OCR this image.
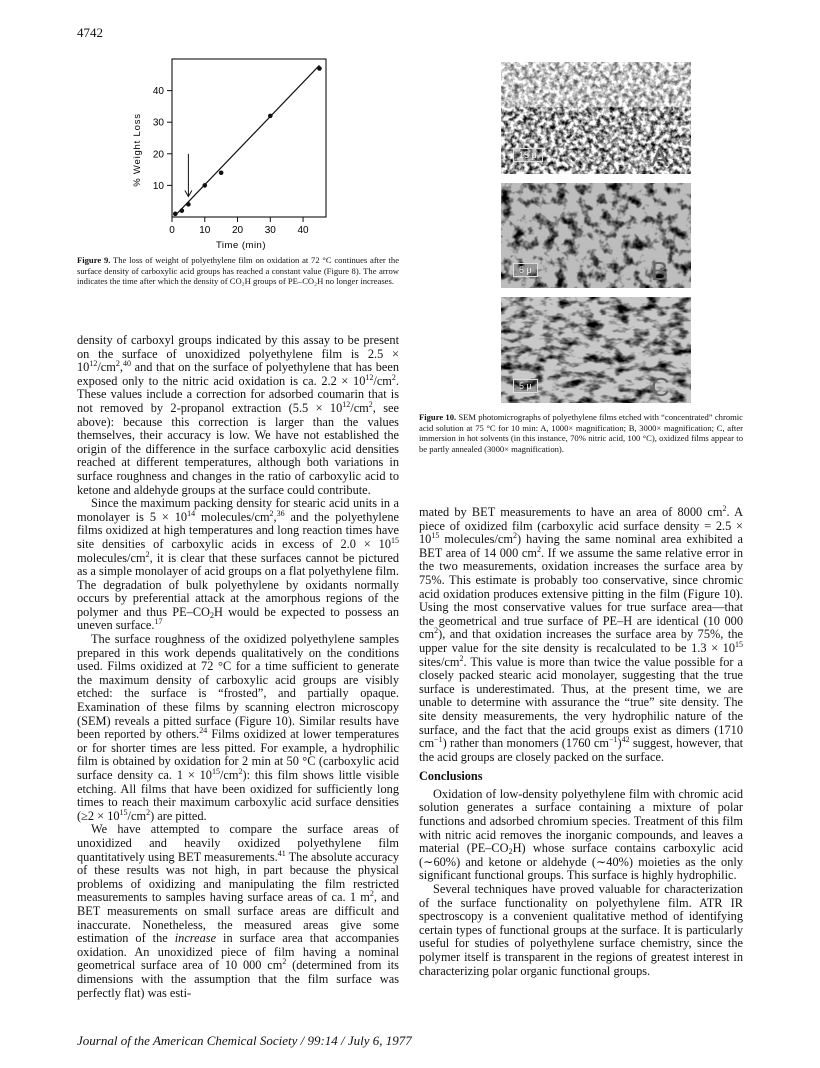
4742
0 10 20 30 40
10
20
30
40
Time (min)
% Weight Loss
Figure 9. The loss of weight of polyethylene film on oxidation at 72 °C continues after the surface density of carboxylic acid groups has reached a constant value (Figure 8). The arrow indicates the time after which the density of CO₂H groups of PE–CO₂H no longer increases.

density of carboxyl groups indicated by this assay to be present on the surface of unoxidized polyethylene film is $2.5 \times 10^{12}/cm^2,^{40}$ and that on the surface of polyethylene that has been exposed only to the nitric acid oxidation is ca. $2.2 \times 10^{12}/cm^2$. These values include a correction for adsorbed coumarin that is not removed by 2-propanol extraction ($5.5 \times 10^{12}/cm^2$, see above): because this correction is larger than the values themselves, their accuracy is low. We have not established the origin of the difference in the surface carboxylic acid densities reached at different temperatures, although both variations in surface roughness and changes in the ratio of carboxylic acid to ketone and aldehyde groups at the surface could contribute.

Since the maximum packing density for stearic acid units in a monolayer is $5 \times 10^{14}$ molecules/$cm^2,^{36}$ and the polyethylene films oxidized at high temperatures and long reaction times have site densities of carboxylic acids in excess of $2.0 \times 10^{15}$ molecules/$cm^2$, it is clear that these surfaces cannot be pictured as a simple monolayer of acid groups on a flat polyethylene film. The degradation of bulk polyethylene by oxidants normally occurs by preferential attack at the amorphous regions of the polymer and thus $PE-CO_2H$ would be expected to possess an uneven surface.$^{17}$

The surface roughness of the oxidized polyethylene samples prepared in this work depends qualitatively on the conditions used. Films oxidized at 72 °C for a time sufficient to generate the maximum density of carboxylic acid groups are visibly etched: the surface is “frosted”, and partially opaque. Examination of these films by scanning electron microscopy (SEM) reveals a pitted surface (Figure 10). Similar results have been reported by others.$^{24}$ Films oxidized at lower temperatures or for shorter times are less pitted. For example, a hydrophilic film is obtained by oxidation for 2 min at 50 °C (carboxylic acid surface density ca. $1 \times 10^{15}/cm^2$): this film shows little visible etching. All films that have been oxidized for sufficiently long times to reach their maximum carboxylic acid surface densities $(\ge 2 \times 10^{15}/cm^2)$ are pitted.

We have attempted to compare the surface areas of unoxidized and heavily oxidized polyethylene film quantitatively using BET measurements.$^{41}$ The absolute accuracy of these results was not high, in part because the physical problems of oxidizing and manipulating the film restricted measurements to samples having surface areas of ca. 1 $m^2$, and BET measurements on small surface areas are difficult and inaccurate. Nonetheless, the measured areas give some estimation of the increase in surface area that accompanies oxidation. An unoxidized piece of film having a nominal geometrical surface area of 10 000 $cm^2$ (determined from its dimensions with the assumption that the film surface was perfectly flat) was esti-

15 μ	A
5 μ	B
5 μ	C
Figure 10. SEM photomicrographs of polyethylene films etched with “concentrated” chromic acid solution at 75 °C for 10 min: A, 1000× magnification; B, 3000× magnification; C, after immersion in hot solvents (in this instance, 70% nitric acid, 100 °C), oxidized films appear to be partly annealed (3000× magnification).

mated by BET measurements to have an area of 8000 $cm^2$. A piece of oxidized film (carboxylic acid surface density = $2.5 \times 10^{15}$ molecules/$cm^2$) having the same nominal area exhibited a BET area of 14 000 $cm^2$. If we assume the same relative error in the two measurements, oxidation increases the surface area by 75%. This estimate is probably too conservative, since chromic acid oxidation produces extensive pitting in the film (Figure 10). Using the most conservative values for true surface area—that the geometrical and true surface of PE–H are identical (10 000 $cm^2$), and that oxidation increases the surface area by 75%, the upper value for the site density is recalculated to be $1.3 \times 10^{15}$ sites/$cm^2$. This value is more than twice the value possible for a closely packed stearic acid monolayer, suggesting that the true surface is underestimated. Thus, at the present time, we are unable to determine with assurance the “true” site density. The site density measurements, the very hydrophilic nature of the surface, and the fact that the acid groups exist as dimers (1710 $cm^{-1}$) rather than monomers (1760 $cm^{-1})^{42}$ suggest, however, that the acid groups are closely packed on the surface.

Conclusions

Oxidation of low-density polyethylene film with chromic acid solution generates a surface containing a mixture of polar functions and adsorbed chromium species. Treatment of this film with nitric acid removes the inorganic compounds, and leaves a material $(PE-CO_2H)$ whose surface contains carboxylic acid (∼60%) and ketone or aldehyde (∼40%) moieties as the only significant functional groups. This surface is highly hydrophilic.

Several techniques have proved valuable for characterization of the surface functionality on polyethylene film. ATR IR spectroscopy is a convenient qualitative method of identifying certain types of functional groups at the surface. It is particularly useful for studies of polyethylene surface chemistry, since the polymer itself is transparent in the regions of greatest interest in characterizing polar organic functional groups.

Journal of the American Chemical Society / 99:14 / July 6, 1977
